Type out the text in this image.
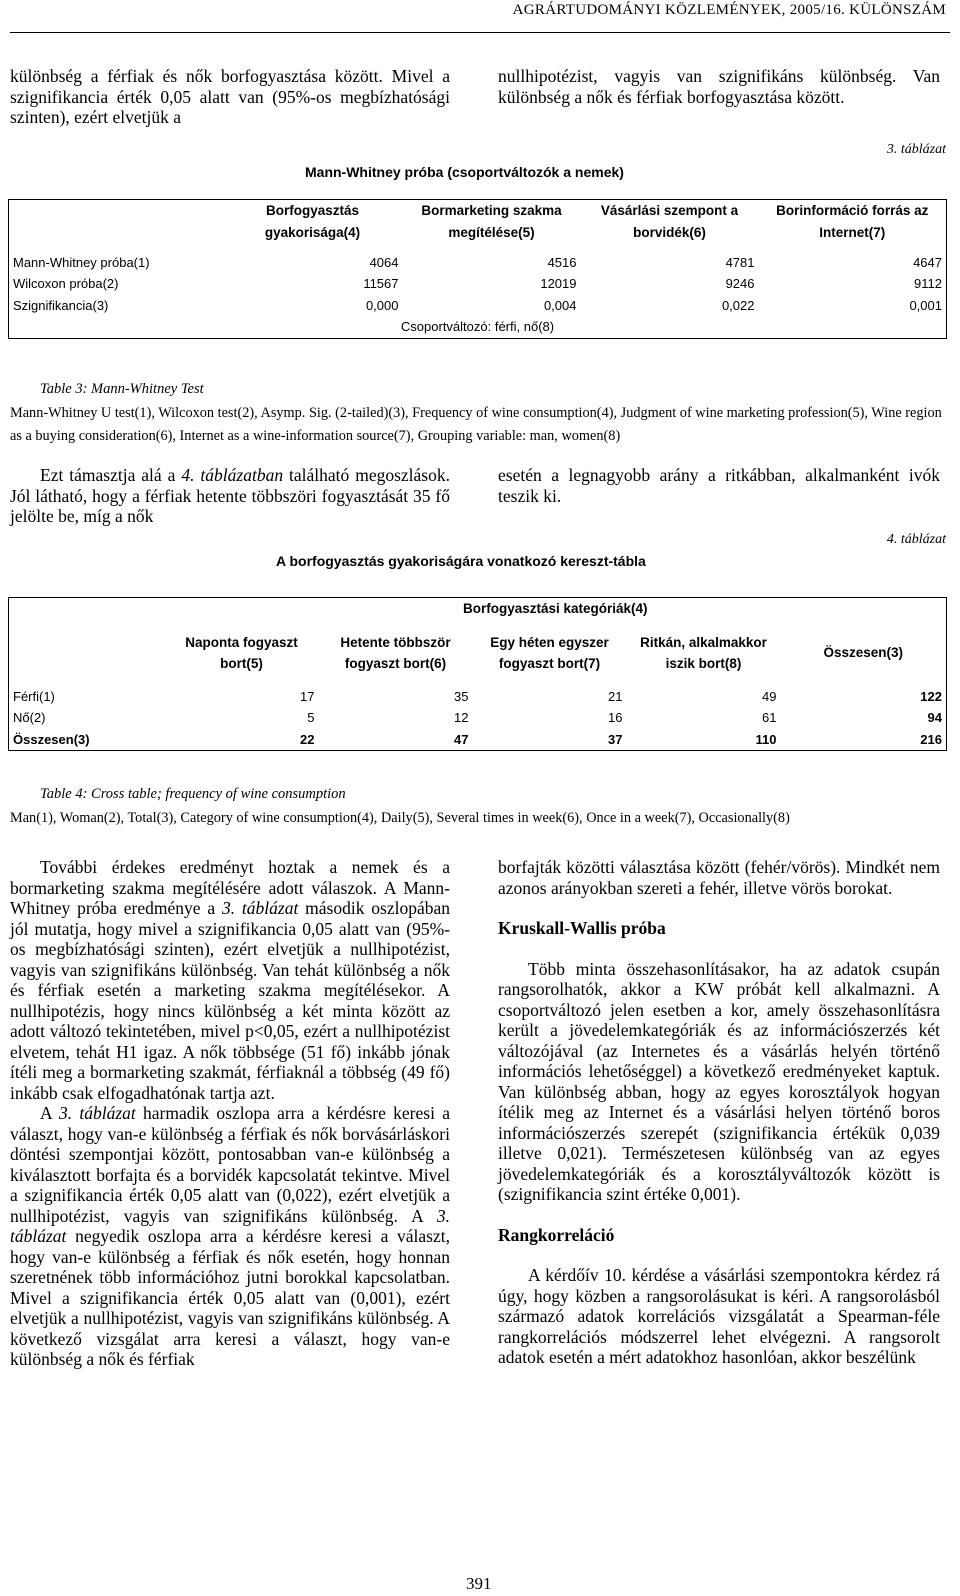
AGRÁRTUDOMÁNYI KÖZLEMÉNYEK, 2005/16. KÜLÖNSZÁM
különbség a férfiak és nők borfogyasztása között. Mivel a szignifikancia érték 0,05 alatt van (95%-os megbízhatósági szinten), ezért elvetjük a
nullhipotézist, vagyis van szignifikáns különbség. Van különbség a nők és férfiak borfogyasztása között.
3. táblázat
Mann-Whitney próba (csoportváltozók a nemek)
	Borfogyasztás gyakorisága(4)	Bormarketing szakma megítélése(5)	Vásárlási szempont a borvidék(6)	Borinformáció forrás az Internet(7)
Mann-Whitney próba(1)	4064	4516	4781	4647
Wilcoxon próba(2)	11567	12019	9246	9112
Szignifikancia(3)	0,000	0,004	0,022	0,001
Csoportváltozó: férfi, nő(8)				
Table 3: Mann-Whitney Test
Mann-Whitney U test(1), Wilcoxon test(2), Asymp. Sig. (2-tailed)(3), Frequency of wine consumption(4), Judgment of wine marketing profession(5), Wine region as a buying consideration(6), Internet as a wine-information source(7), Grouping variable: man, women(8)
Ezt támasztja alá a 4. táblázatban található megoszlások. Jól látható, hogy a férfiak hetente többszöri fogyasztását 35 fő jelölte be, míg a nők
esetén a legnagyobb arány a ritkábban, alkalmanként ivók teszik ki.
4. táblázat
A borfogyasztás gyakoriságára vonatkozó kereszt-tábla
	Borfogyasztási kategóriák(4)				
	Naponta fogyaszt bort(5)	Hetente többször fogyaszt bort(6)	Egy héten egyszer fogyaszt bort(7)	Ritkán, alkalmakkor iszik bort(8)	Összesen(3)
Férfi(1)	17	35	21	49	122
Nő(2)	5	12	16	61	94
Összesen(3)	22	47	37	110	216
Table 4: Cross table; frequency of wine consumption
Man(1), Woman(2), Total(3), Category of wine consumption(4), Daily(5), Several times in week(6), Once in a week(7), Occasionally(8)

További érdekes eredményt hoztak a nemek és a bormarketing szakma megítélésére adott válaszok. A Mann-Whitney próba eredménye a 3. táblázat második oszlopában jól mutatja, hogy mivel a szignifikancia 0,05 alatt van (95%-os megbízhatósági szinten), ezért elvetjük a nullhipotézist, vagyis van szignifikáns különbség. Van tehát különbség a nők és férfiak esetén a marketing szakma megítélésekor. A nullhipotézis, hogy nincs különbség a két minta között az adott változó tekintetében, mivel p<0,05, ezért a nullhipotézist elvetem, tehát H1 igaz. A nők többsége (51 fő) inkább jónak ítéli meg a bormarketing szakmát, férfiaknál a többség (49 fő) inkább csak elfogadhatónak tartja azt.

A 3. táblázat harmadik oszlopa arra a kérdésre keresi a választ, hogy van-e különbség a férfiak és nők borvásárláskori döntési szempontjai között, pontosabban van-e különbség a kiválasztott borfajta és a borvidék kapcsolatát tekintve. Mivel a szignifikancia érték 0,05 alatt van (0,022), ezért elvetjük a nullhipotézist, vagyis van szignifikáns különbség. A 3. táblázat negyedik oszlopa arra a kérdésre keresi a választ, hogy van-e különbség a férfiak és nők esetén, hogy honnan szeretnének több információhoz jutni borokkal kapcsolatban. Mivel a szignifikancia érték 0,05 alatt van (0,001), ezért elvetjük a nullhipotézist, vagyis van szignifikáns különbség. A következő vizsgálat arra keresi a választ, hogy van-e különbség a nők és férfiak

borfajták közötti választása között (fehér/vörös). Mindkét nem azonos arányokban szereti a fehér, illetve vörös borokat.

Kruskall-Wallis próba

Több minta összehasonlításakor, ha az adatok csupán rangsorolhatók, akkor a KW próbát kell alkalmazni. A csoportváltozó jelen esetben a kor, amely összehasonlításra került a jövedelemkategóriák és az információszerzés két változójával (az Internetes és a vásárlás helyén történő információs lehetőséggel) a következő eredményeket kaptuk. Van különbség abban, hogy az egyes korosztályok hogyan ítélik meg az Internet és a vásárlási helyen történő boros információszerzés szerepét (szignifikancia értékük 0,039 illetve 0,021). Természetesen különbség van az egyes jövedelemkategóriák és a korosztályváltozók között is (szignifikancia szint értéke 0,001).

Rangkorreláció

A kérdőív 10. kérdése a vásárlási szempontokra kérdez rá úgy, hogy közben a rangsorolásukat is kéri. A rangsorolásból származó adatok korrelációs vizsgálatát a Spearman-féle rangkorrelációs módszerrel lehet elvégezni. A rangsorolt adatok esetén a mért adatokhoz hasonlóan, akkor beszélünk

391
